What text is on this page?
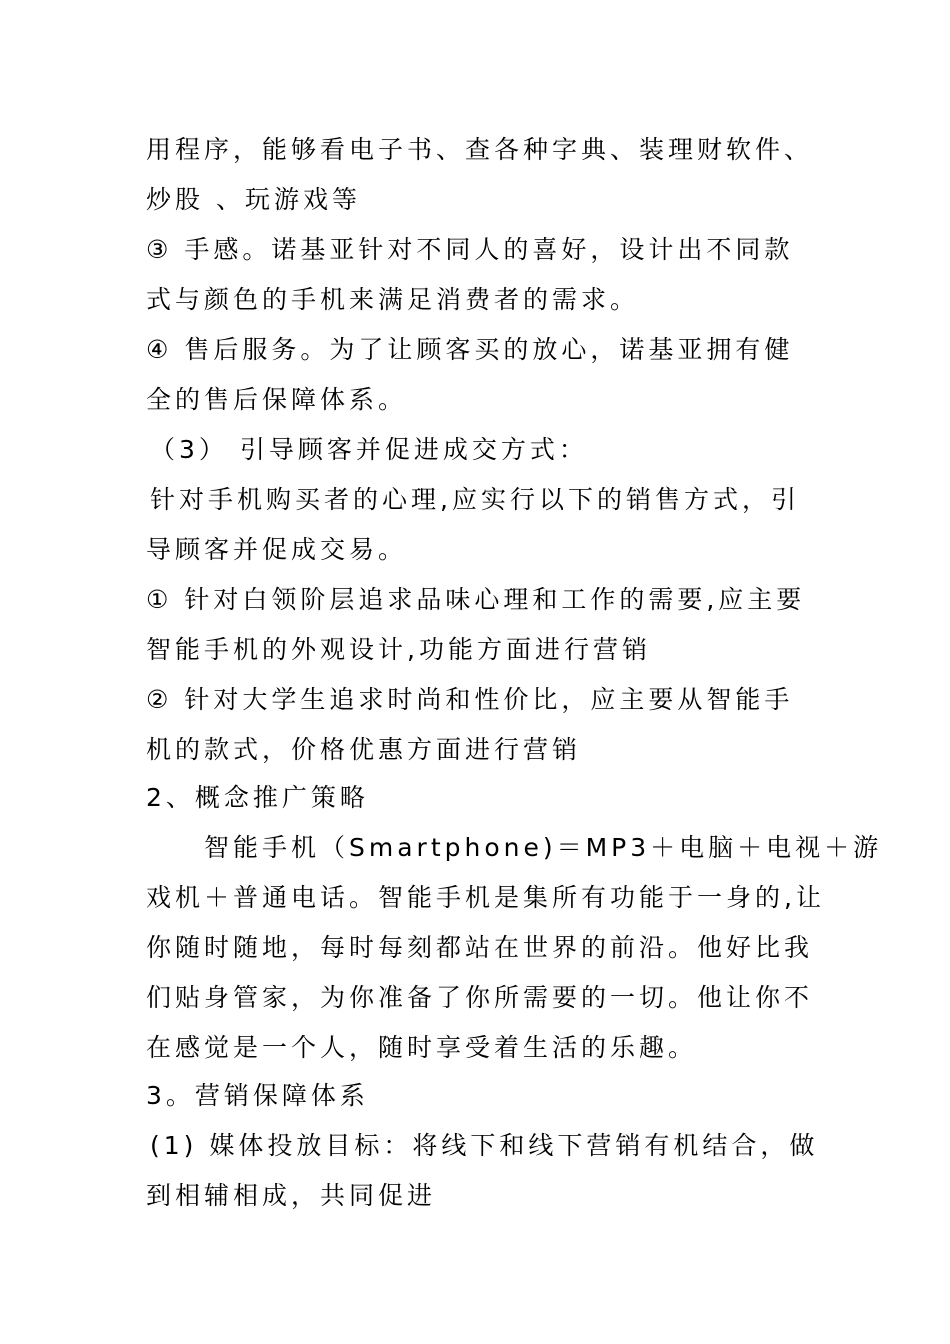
用程序，能够看电子书、查各种字典、装理财软件、
炒股 、玩游戏等
③ 手感。诺基亚针对不同人的喜好，设计出不同款
式与颜色的手机来满足消费者的需求。
④ 售后服务。为了让顾客买的放心，诺基亚拥有健
全的售后保障体系。
（3） 引导顾客并促进成交方式：
针对手机购买者的心理,应实行以下的销售方式，引
导顾客并促成交易。
① 针对白领阶层追求品味心理和工作的需要,应主要
智能手机的外观设计,功能方面进行营销
② 针对大学生追求时尚和性价比，应主要从智能手
机的款式，价格优惠方面进行营销
2、概念推广策略
智能手机（Smartphone)＝MP3＋电脑＋电视＋游
戏机＋普通电话。智能手机是集所有功能于一身的,让
你随时随地，每时每刻都站在世界的前沿。他好比我
们贴身管家，为你准备了你所需要的一切。他让你不
在感觉是一个人，随时享受着生活的乐趣。
3。营销保障体系
(1) 媒体投放目标：将线下和线下营销有机结合，做
到相辅相成，共同促进
